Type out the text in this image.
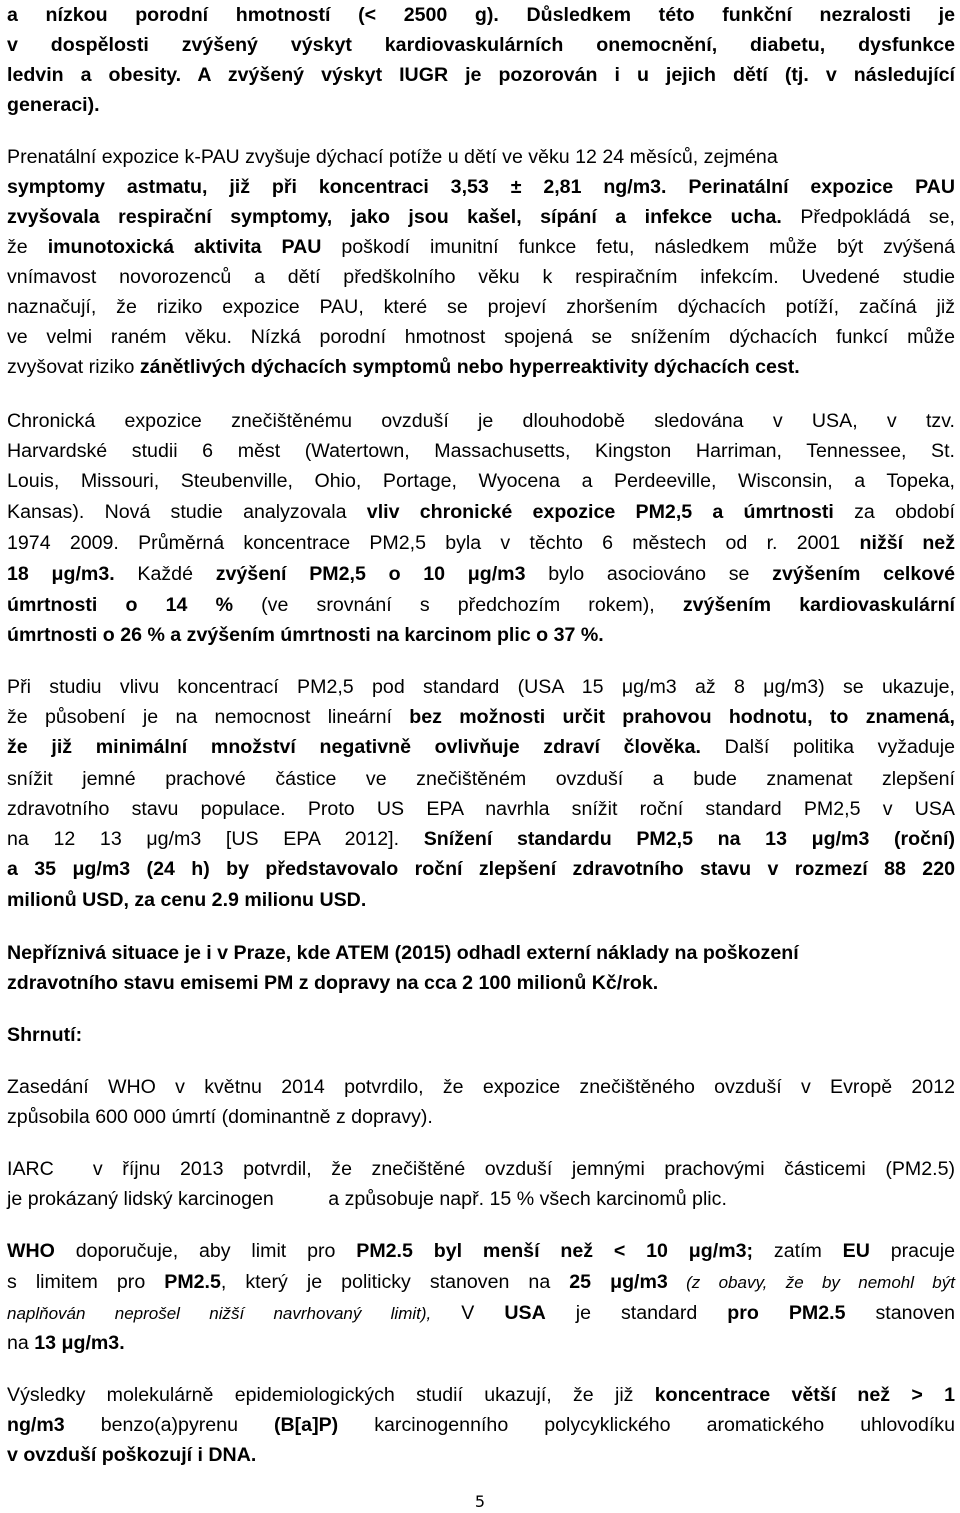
a nízkou porodní hmotností (< 2500 g). Důsledkem této funkční nezralosti je
v dospělosti zvýšený výskyt kardiovaskulárních onemocnění, diabetu, dysfunkce
ledvin a obesity. A zvýšený výskyt IUGR je pozorován i u jejich dětí (tj. v následující
generaci).
Prenatální expozice k-PAU zvyšuje dýchací potíže u dětí ve věku 12 24 měsíců, zejména
symptomy astmatu, již při koncentraci 3,53 ± 2,81 ng/m3. Perinatální expozice PAU
zvyšovala respirační symptomy, jako jsou kašel, sípání a infekce ucha. Předpokládá se,
že imunotoxická aktivita PAU poškodí imunitní funkce fetu, následkem může být zvýšená
vnímavost novorozenců a dětí předškolního věku k respiračním infekcím. Uvedené studie
naznačují, že riziko expozice PAU, které se projeví zhoršením dýchacích potíží, začíná již
ve velmi raném věku. Nízká porodní hmotnost spojená se snížením dýchacích funkcí může
zvyšovat riziko zánětlivých dýchacích symptomů nebo hyperreaktivity dýchacích cest.
Chronická expozice znečištěnému ovzduší je dlouhodobě sledována v USA, v tzv.
Harvardské studii 6 měst (Watertown, Massachusetts, Kingston Harriman, Tennessee, St.
Louis, Missouri, Steubenville, Ohio, Portage, Wyocena a Perdeeville, Wisconsin, a Topeka,
Kansas). Nová studie analyzovala vliv chronické expozice PM2,5 a úmrtnosti za období
1974 2009. Průměrná koncentrace PM2,5 byla v těchto 6 městech od r. 2001 nižší než
18 μg/m3. Každé zvýšení PM2,5 o 10 μg/m3 bylo asociováno se zvýšením celkové
úmrtnosti o 14 % (ve srovnání s předchozím rokem), zvýšením kardiovaskulární
úmrtnosti o 26 % a zvýšením úmrtnosti na karcinom plic o 37 %.
Při studiu vlivu koncentrací PM2,5 pod standard (USA 15 μg/m3 až 8 μg/m3) se ukazuje,
že působení je na nemocnost lineární bez možnosti určit prahovou hodnotu, to znamená,
že již minimální množství negativně ovlivňuje zdraví člověka. Další politika vyžaduje
snížit jemné prachové částice ve znečištěném ovzduší a bude znamenat zlepšení
zdravotního stavu populace. Proto US EPA navrhla snížit roční standard PM2,5 v USA
na 12 13 μg/m3 [US EPA 2012]. Snížení standardu PM2,5 na 13 μg/m3 (roční)
a 35 μg/m3 (24 h) by představovalo roční zlepšení zdravotního stavu v rozmezí 88 220
milionů USD, za cenu 2.9 milionu USD.
Nepříznivá situace je i v Praze, kde ATEM (2015) odhadl externí náklady na poškození
zdravotního stavu emisemi PM z dopravy na cca 2 100 milionů Kč/rok.
Shrnutí:
Zasedání WHO v květnu 2014 potvrdilo, že expozice znečištěného ovzduší v Evropě 2012
způsobila 600 000 úmrtí (dominantně z dopravy).
IARC  v říjnu 2013 potvrdil, že znečištěné ovzduší jemnými prachovými částicemi (PM2.5)
je prokázaný lidský karcinogen          a způsobuje např. 15 % všech karcinomů plic.
WHO doporučuje, aby limit pro PM2.5 byl menší než < 10 μg/m3; zatím EU pracuje
s limitem pro PM2.5, který je politicky stanoven na 25 μg/m3 (z obavy, že by nemohl být
naplňován neprošel nižší navrhovaný limit), V USA je standard pro PM2.5 stanoven
na 13 μg/m3.
Výsledky molekulárně epidemiologických studií ukazují, že již koncentrace větší než > 1
ng/m3 benzo(a)pyrenu (B[a]P) karcinogenního polycyklického aromatického uhlovodíku
v ovzduší poškozují i DNA.
5
